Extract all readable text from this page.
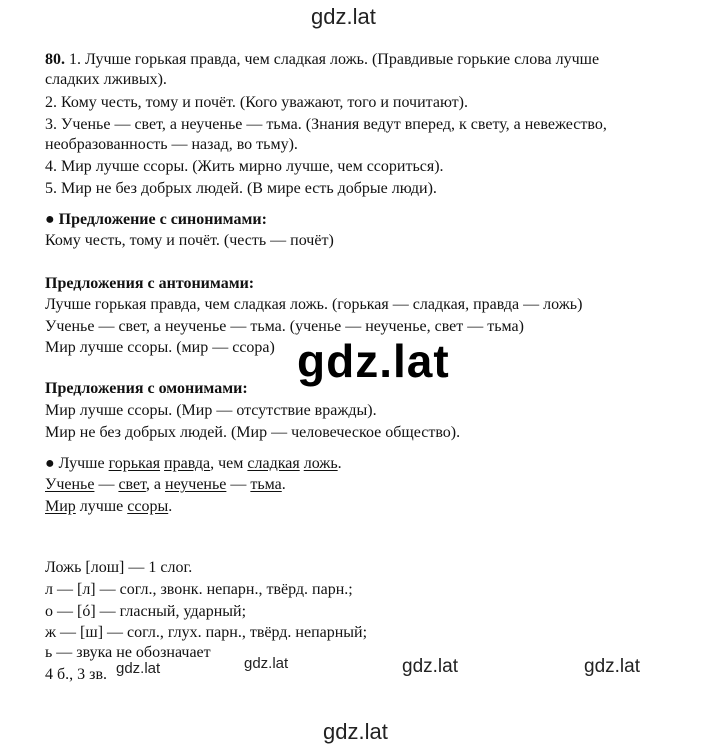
gdz.lat
80. 1. Лучше горькая правда, чем сладкая ложь. (Правдивые горькие слова лучше
сладких лживых).
2. Кому честь, тому и почёт. (Кого уважают, того и почитают).
3. Ученье — свет, а неученье — тьма. (Знания ведут вперед, к свету, а невежество,
необразованность — назад, во тьму).
4. Мир лучше ссоры. (Жить мирно лучше, чем ссориться).
5. Мир не без добрых людей. (В мире есть добрые люди).
● Предложение с синонимами:
Кому честь, тому и почёт. (честь — почёт)
Предложения с антонимами:
Лучше горькая правда, чем сладкая ложь. (горькая — сладкая, правда — ложь)
Ученье — свет, а неученье — тьма. (ученье — неученье, свет — тьма)
Мир лучше ссоры. (мир — ссора)
Предложения с омонимами:
Мир лучше ссоры. (Мир — отсутствие вражды).
Мир не без добрых людей. (Мир — человеческое общество).
● Лучше горькая правда, чем сладкая ложь.
Ученье — свет, а неученье — тьма.
Мир лучше ссоры.
Ложь [лош] — 1 слог.
л — [л] — согл., звонк. непарн., твёрд. парн.;
о — [ó] — гласный, ударный;
ж — [ш] — согл., глух. парн., твёрд. непарный;
ь — звука не обозначает
4 б., 3 зв.
gdz.lat
gdz.lat	gdz.lat	gdz.lat	gdz.lat
gdz.lat
